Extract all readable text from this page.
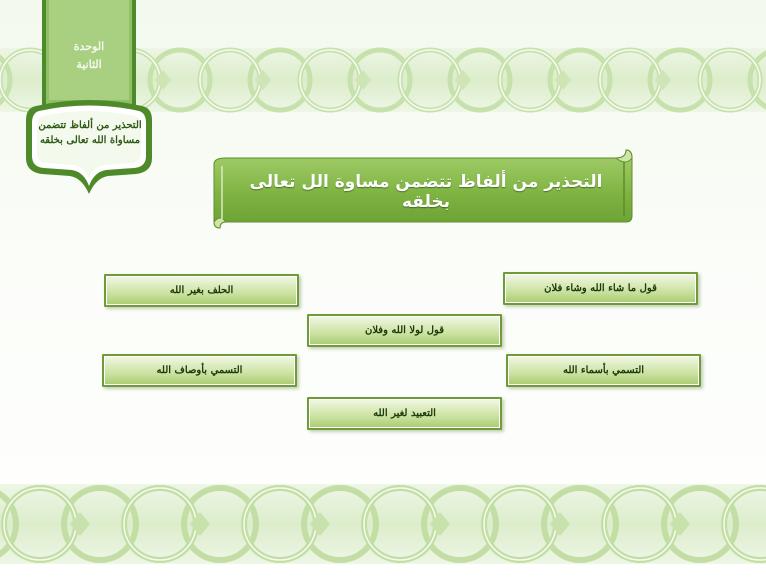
الوحدة
الثانية
التحذير من ألفاظ تتضمن
مساواة الله تعالى بخلقه
التحذير من ألفاظ تتضمن مساوة الل تعالى بخلقه
قول ما شاء الله وشاء فلان
الحلف بغير الله
قول لولا الله وفلان
التسمي بأسماء الله
التسمي بأوصاف الله
التعبيد لغير الله
